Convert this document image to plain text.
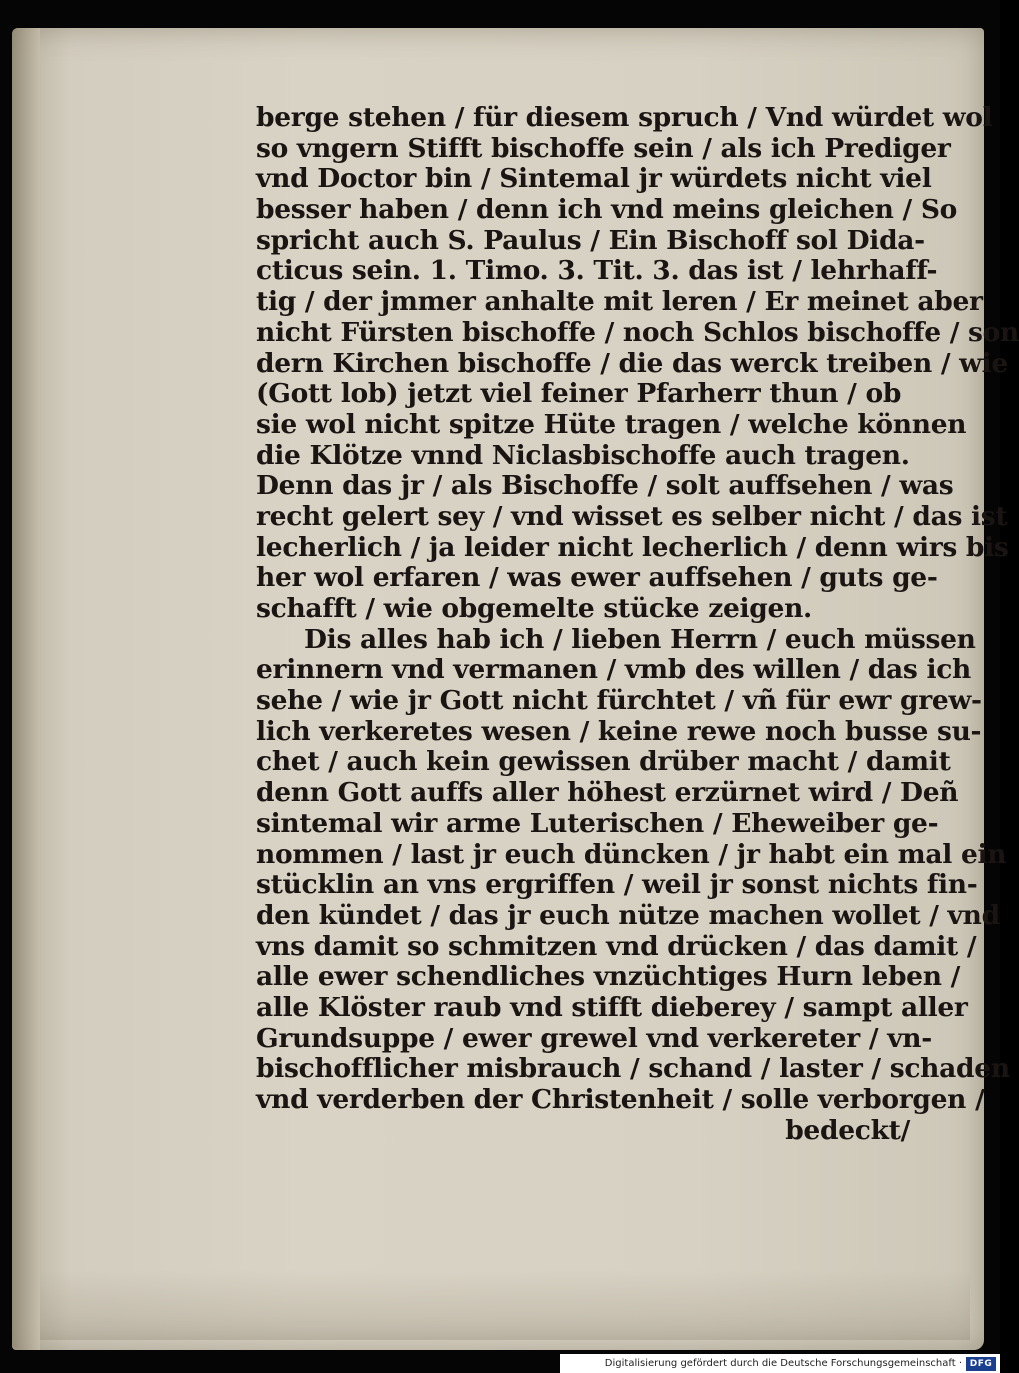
berge stehen / für diesem spruch / Vnd würdet wol
so vngern Stifft bischoffe sein / als ich Prediger
vnd Doctor bin / Sintemal jr würdets nicht viel
besser haben / denn ich vnd meins gleichen / So
spricht auch S. Paulus / Ein Bischoff sol Dida-
cticus sein. 1. Timo. 3. Tit. 3. das ist / lehrhaff-
tig / der jmmer anhalte mit leren / Er meinet aber
nicht Fürsten bischoffe / noch Schlos bischoffe / son
dern Kirchen bischoffe / die das werck treiben / wie
(Gott lob) jetzt viel feiner Pfarherr thun / ob
sie wol nicht spitze Hüte tragen / welche können
die Klötze vnnd Niclasbischoffe auch tragen.
Denn das jr / als Bischoffe / solt auffsehen / was
recht gelert sey / vnd wisset es selber nicht / das ist
lecherlich / ja leider nicht lecherlich / denn wirs bis
her wol erfaren / was ewer auffsehen / guts ge-
schafft / wie obgemelte stücke zeigen.
Dis alles hab ich / lieben Herrn / euch müssen
erinnern vnd vermanen / vmb des willen / das ich
sehe / wie jr Gott nicht fürchtet / vñ für ewr grew-
lich verkeretes wesen / keine rewe noch busse su-
chet / auch kein gewissen drüber macht / damit
denn Gott auffs aller höhest erzürnet wird / Deñ
sintemal wir arme Luterischen / Eheweiber ge-
nommen / last jr euch düncken / jr habt ein mal ein
stücklin an vns ergriffen / weil jr sonst nichts fin-
den kündet / das jr euch nütze machen wollet / vnd
vns damit so schmitzen vnd drücken / das damit /
alle ewer schendliches vnzüchtiges Hurn leben /
alle Klöster raub vnd stifft dieberey / sampt aller
Grundsuppe / ewer grewel vnd verkereter / vn-
bischofflicher misbrauch / schand / laster / schaden
vnd verderben der Christenheit / solle verborgen /
bedeckt/
Digitalisierung gefördert durch die Deutsche Forschungsgemeinschaft · DFG
